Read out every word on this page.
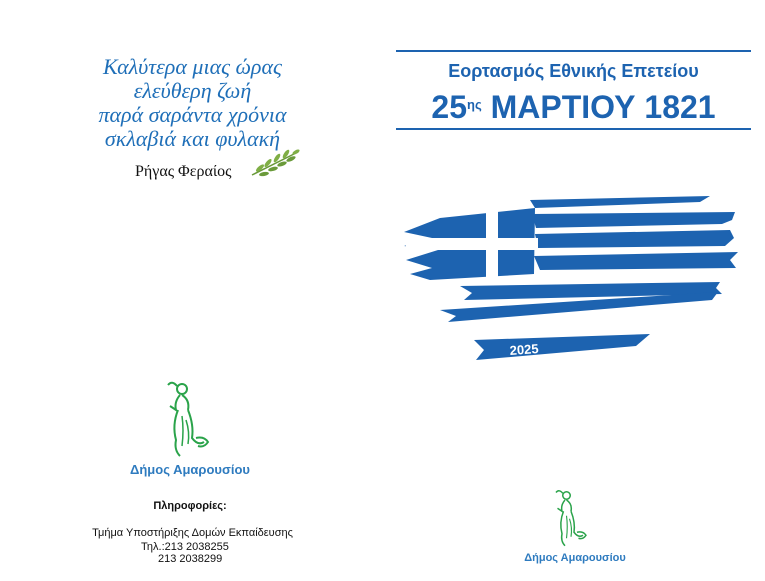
Καλύτερα μιας ώρας
ελεύθερη ζωή
παρά σαράντα χρόνια
σκλαβιά και φυλακή
Ρήγας Φεραίος
Δήμος Αμαρουσίου
Πληροφορίες:
Τμήμα Υποστήριξης Δομών Εκπαίδευσης
Τηλ.:213 2038255
213 2038299
Εορτασμός Εθνικής Επετείου
$25^{\eta\varsigma}$ ΜΑΡΤΙΟΥ 1821
2025
Δήμος Αμαρουσίου
